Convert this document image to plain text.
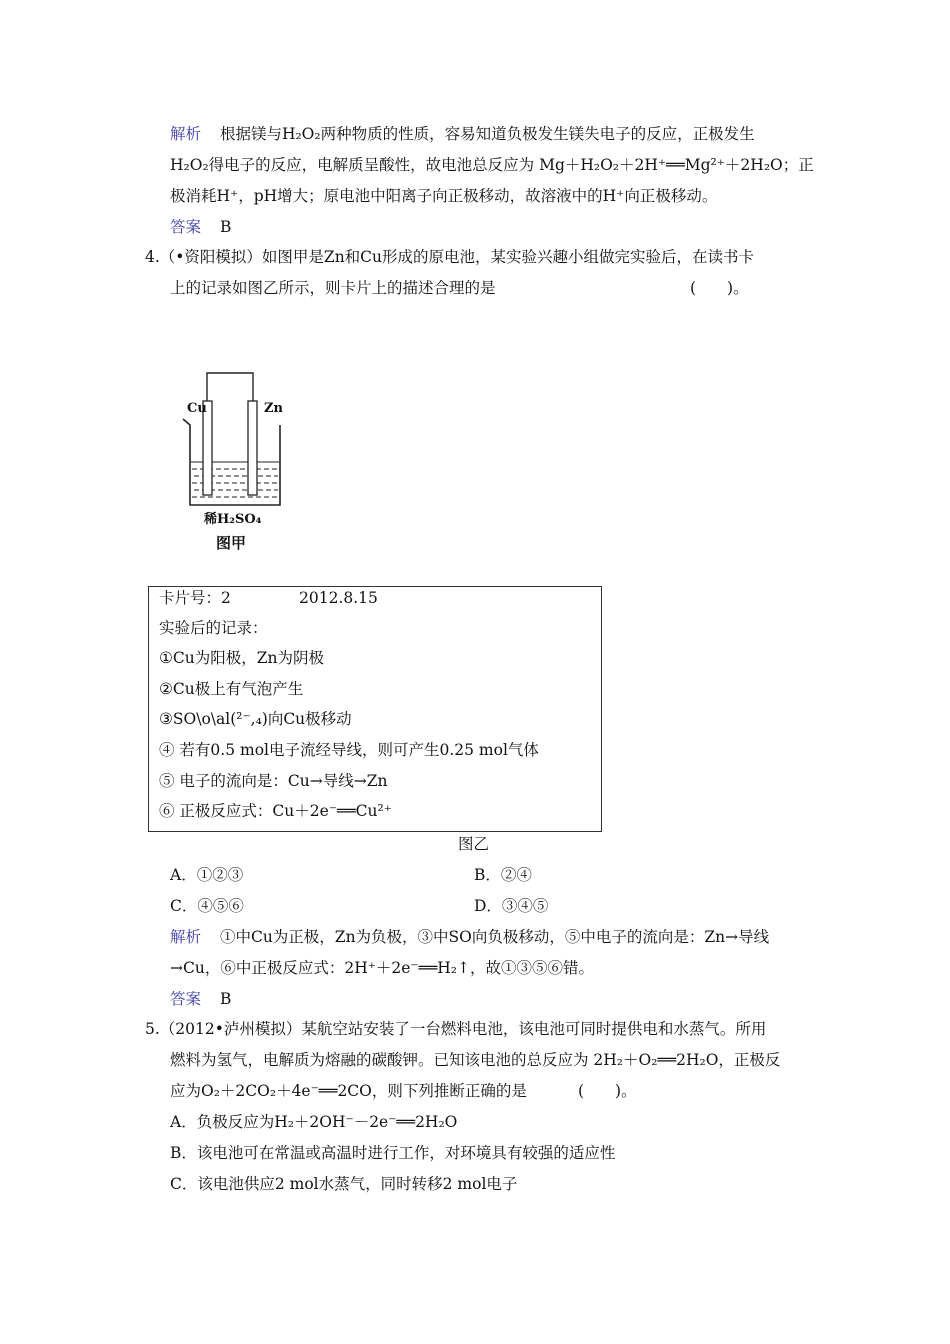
解析 根据镁与H₂O₂两种物质的性质，容易知道负极发生镁失电子的反应，正极发生
H₂O₂得电子的反应，电解质呈酸性，故电池总反应为 Mg＋H₂O₂＋2H⁺══Mg²⁺＋2H₂O；正
极消耗H⁺，pH增大；原电池中阳离子向正极移动，故溶液中的H⁺向正极移动。
答案 B
4.（•资阳模拟）如图甲是Zn和Cu形成的原电池，某实验兴趣小组做完实验后，在读书卡
上的记录如图乙所示，则卡片上的描述合理的是	(　　)。
Cu	Zn
稀H₂SO₄
图甲
卡片号：2	2012.8.15
实验后的记录：
①Cu为阳极，Zn为阴极
②Cu极上有气泡产生
③SO\o\al(²⁻,₄)向Cu极移动
④ 若有0.5 mol电子流经导线，则可产生0.25 mol气体
⑤ 电子的流向是：Cu→导线→Zn
⑥ 正极反应式：Cu＋2e⁻══Cu²⁺
图乙
A．①②③	B．②④
C．④⑤⑥	D．③④⑤
解析 ①中Cu为正极，Zn为负极，③中SO向负极移动，⑤中电子的流向是：Zn→导线
→Cu，⑥中正极反应式：2H⁺＋2e⁻══H₂↑，故①③⑤⑥错。
答案 B
5.（2012•泸州模拟）某航空站安装了一台燃料电池，该电池可同时提供电和水蒸气。所用
燃料为氢气，电解质为熔融的碳酸钾。已知该电池的总反应为 2H₂＋O₂══2H₂O，正极反
应为O₂＋2CO₂＋4e⁻══2CO，则下列推断正确的是	(　　)。
A．负极反应为H₂＋2OH⁻－2e⁻══2H₂O
B．该电池可在常温或高温时进行工作，对环境具有较强的适应性
C．该电池供应2 mol水蒸气，同时转移2 mol电子
